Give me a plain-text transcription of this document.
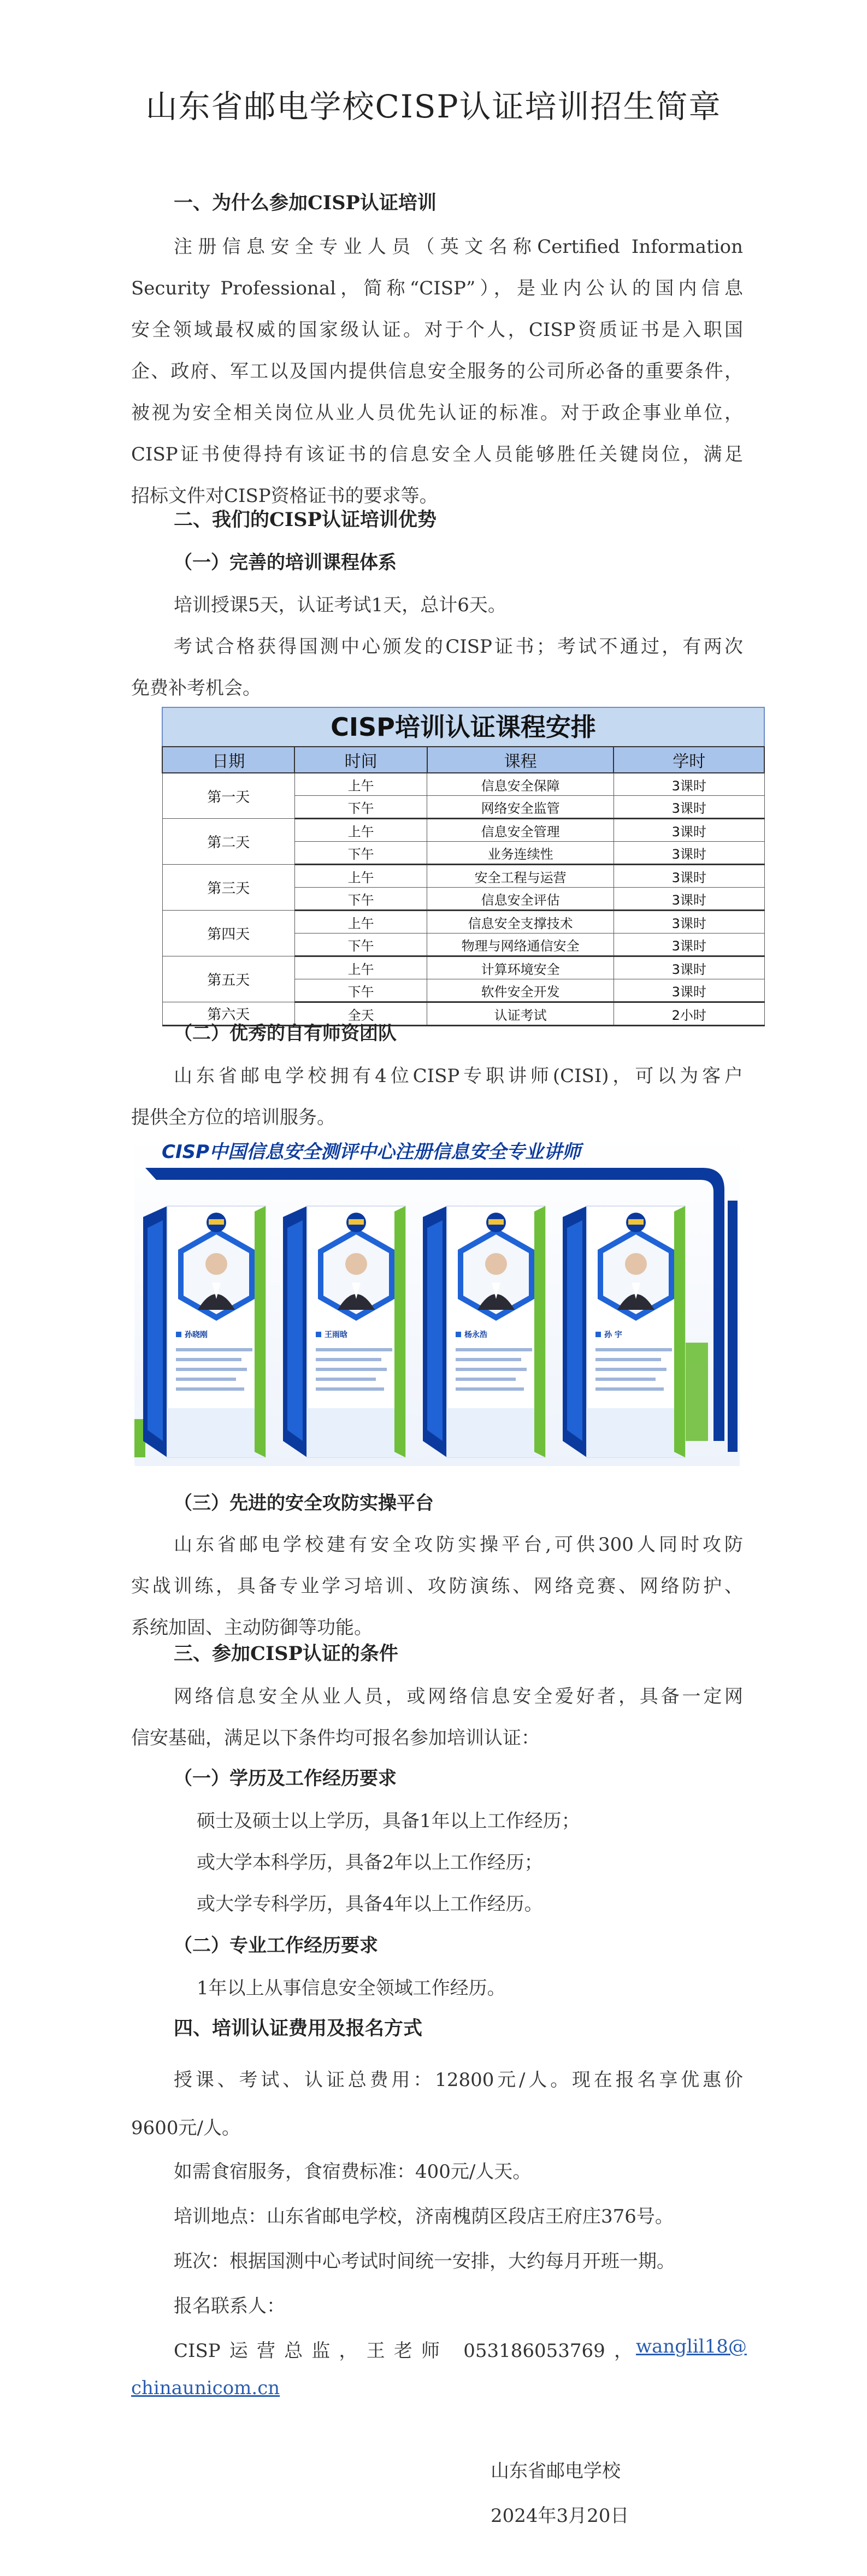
山东省邮电学校CISP认证培训招生简章
一、为什么参加CISP认证培训
注册信息安全专业人员（英文名称Certified Information
Security Professional，简称“CISP”），是业内公认的国内信息
安全领域最权威的国家级认证。对于个人，CISP资质证书是入职国
企、政府、军工以及国内提供信息安全服务的公司所必备的重要条件，
被视为安全相关岗位从业人员优先认证的标准。对于政企事业单位，
CISP证书使得持有该证书的信息安全人员能够胜任关键岗位，满足
招标文件对CISP资格证书的要求等。
二、我们的CISP认证培训优势
（一）完善的培训课程体系
培训授课5天，认证考试1天，总计6天。
考试合格获得国测中心颁发的CISP证书；考试不通过，有两次
免费补考机会。
CISP培训认证课程安排
日期	时间	课程	学时
第一天	上午	信息安全保障	3课时
	下午	网络安全监管	3课时
第二天	上午	信息安全管理	3课时
	下午	业务连续性	3课时
第三天	上午	安全工程与运营	3课时
	下午	信息安全评估	3课时
第四天	上午	信息安全支撑技术	3课时
	下午	物理与网络通信安全	3课时
第五天	上午	计算环境安全	3课时
	下午	软件安全开发	3课时
第六天	全天	认证考试	2小时
（二）优秀的自有师资团队
山东省邮电学校拥有4位CISP专职讲师(CISI)，可以为客户
提供全方位的培训服务。
CISP中国信息安全测评中心注册信息安全专业讲师
孙晓刚	王雨晗	杨永浩	孙 宇
（三）先进的安全攻防实操平台
山东省邮电学校建有安全攻防实操平台,可供300人同时攻防
实战训练，具备专业学习培训、攻防演练、网络竞赛、网络防护、
系统加固、主动防御等功能。
三、参加CISP认证的条件
网络信息安全从业人员，或网络信息安全爱好者，具备一定网
信安基础，满足以下条件均可报名参加培训认证：
（一）学历及工作经历要求
硕士及硕士以上学历，具备1年以上工作经历；
或大学本科学历，具备2年以上工作经历；
或大学专科学历，具备4年以上工作经历。
（二）专业工作经历要求
1年以上从事信息安全领域工作经历。
四、培训认证费用及报名方式
授课、考试、认证总费用：12800元/人。现在报名享优惠价
9600元/人。
如需食宿服务，食宿费标准：400元/人天。
培训地点：山东省邮电学校，济南槐荫区段店王府庄376号。
班次：根据国测中心考试时间统一安排，大约每月开班一期。
报名联系人：
CISP运营总监，王老师 053186053769， wanglil18@
chinaunicom.cn
山东省邮电学校
2024年3月20日
